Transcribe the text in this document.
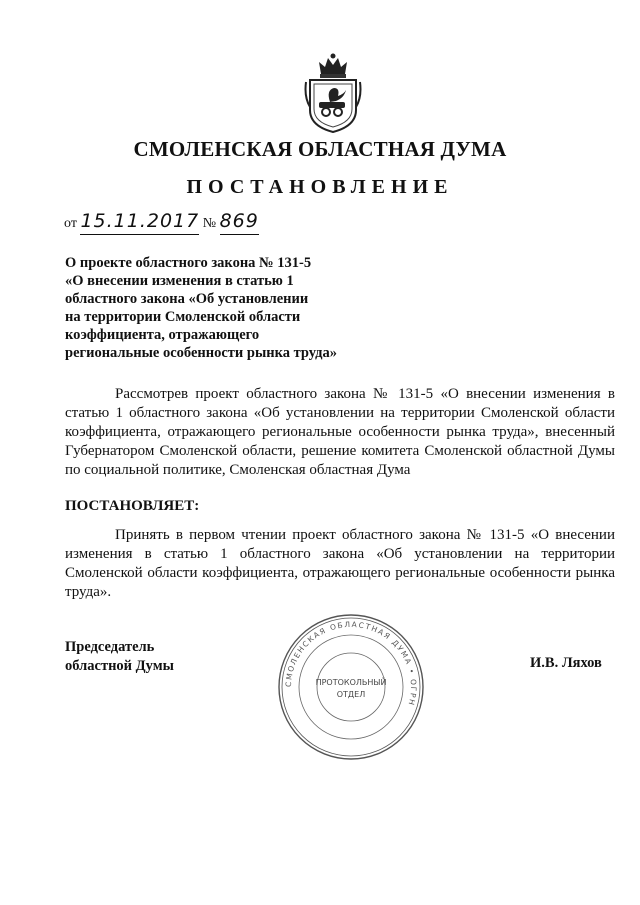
СМОЛЕНСКАЯ ОБЛАСТНАЯ ДУМА
ПОСТАНОВЛЕНИЕ
от 15.11.2017 № 869
О проекте областного закона № 131-5
«О внесении изменения в статью 1
областного закона «Об установлении
на территории Смоленской области
коэффициента, отражающего
региональные особенности рынка труда»
Рассмотрев проект областного закона № 131-5 «О внесении изменения в статью 1 областного закона «Об установлении на территории Смоленской области коэффициента, отражающего региональные особенности рынка труда», внесенный Губернатором Смоленской области, решение комитета Смоленской областной Думы по социальной политике, Смоленская областная Дума
ПОСТАНОВЛЯЕТ:
Принять в первом чтении проект областного закона № 131-5 «О внесении изменения в статью 1 областного закона «Об установлении на территории Смоленской области коэффициента, отражающего региональные особенности рынка труда».
Председатель
областной Думы
СМОЛЕНСКАЯ ОБЛАСТНАЯ ДУМА • ОГРН
ПРОТОКОЛЬНЫЙ
ОТДЕЛ
И.В. Ляхов
